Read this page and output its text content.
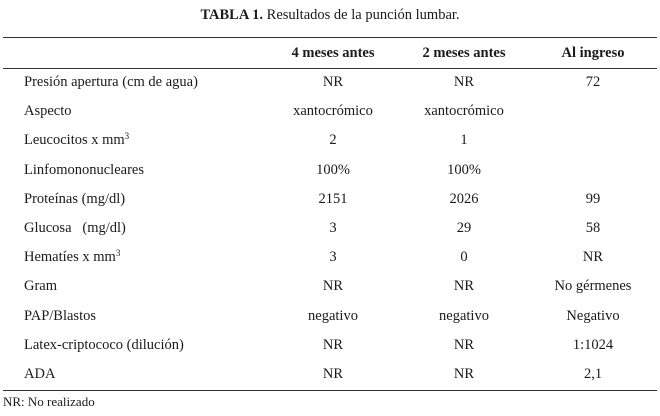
TABLA 1. Resultados de la punción lumbar.
	4 meses antes	2 meses antes	Al ingreso
Presión apertura (cm de agua)	NR	NR	72
Aspecto	xantocrómico	xantocrómico	
Leucocitos x $mm^3$	2	1	
Linfomononucleares	100%	100%	
Proteínas (mg/dl)	2151	2026	99
Glucosa   (mg/dl)	3	29	58
Hematíes x $mm^3$	3	0	NR
Gram	NR	NR	No gérmenes
PAP/Blastos	negativo	negativo	Negativo
Latex-criptococo (dilución)	NR	NR	1:1024
ADA	NR	NR	2,1
NR: No realizado
